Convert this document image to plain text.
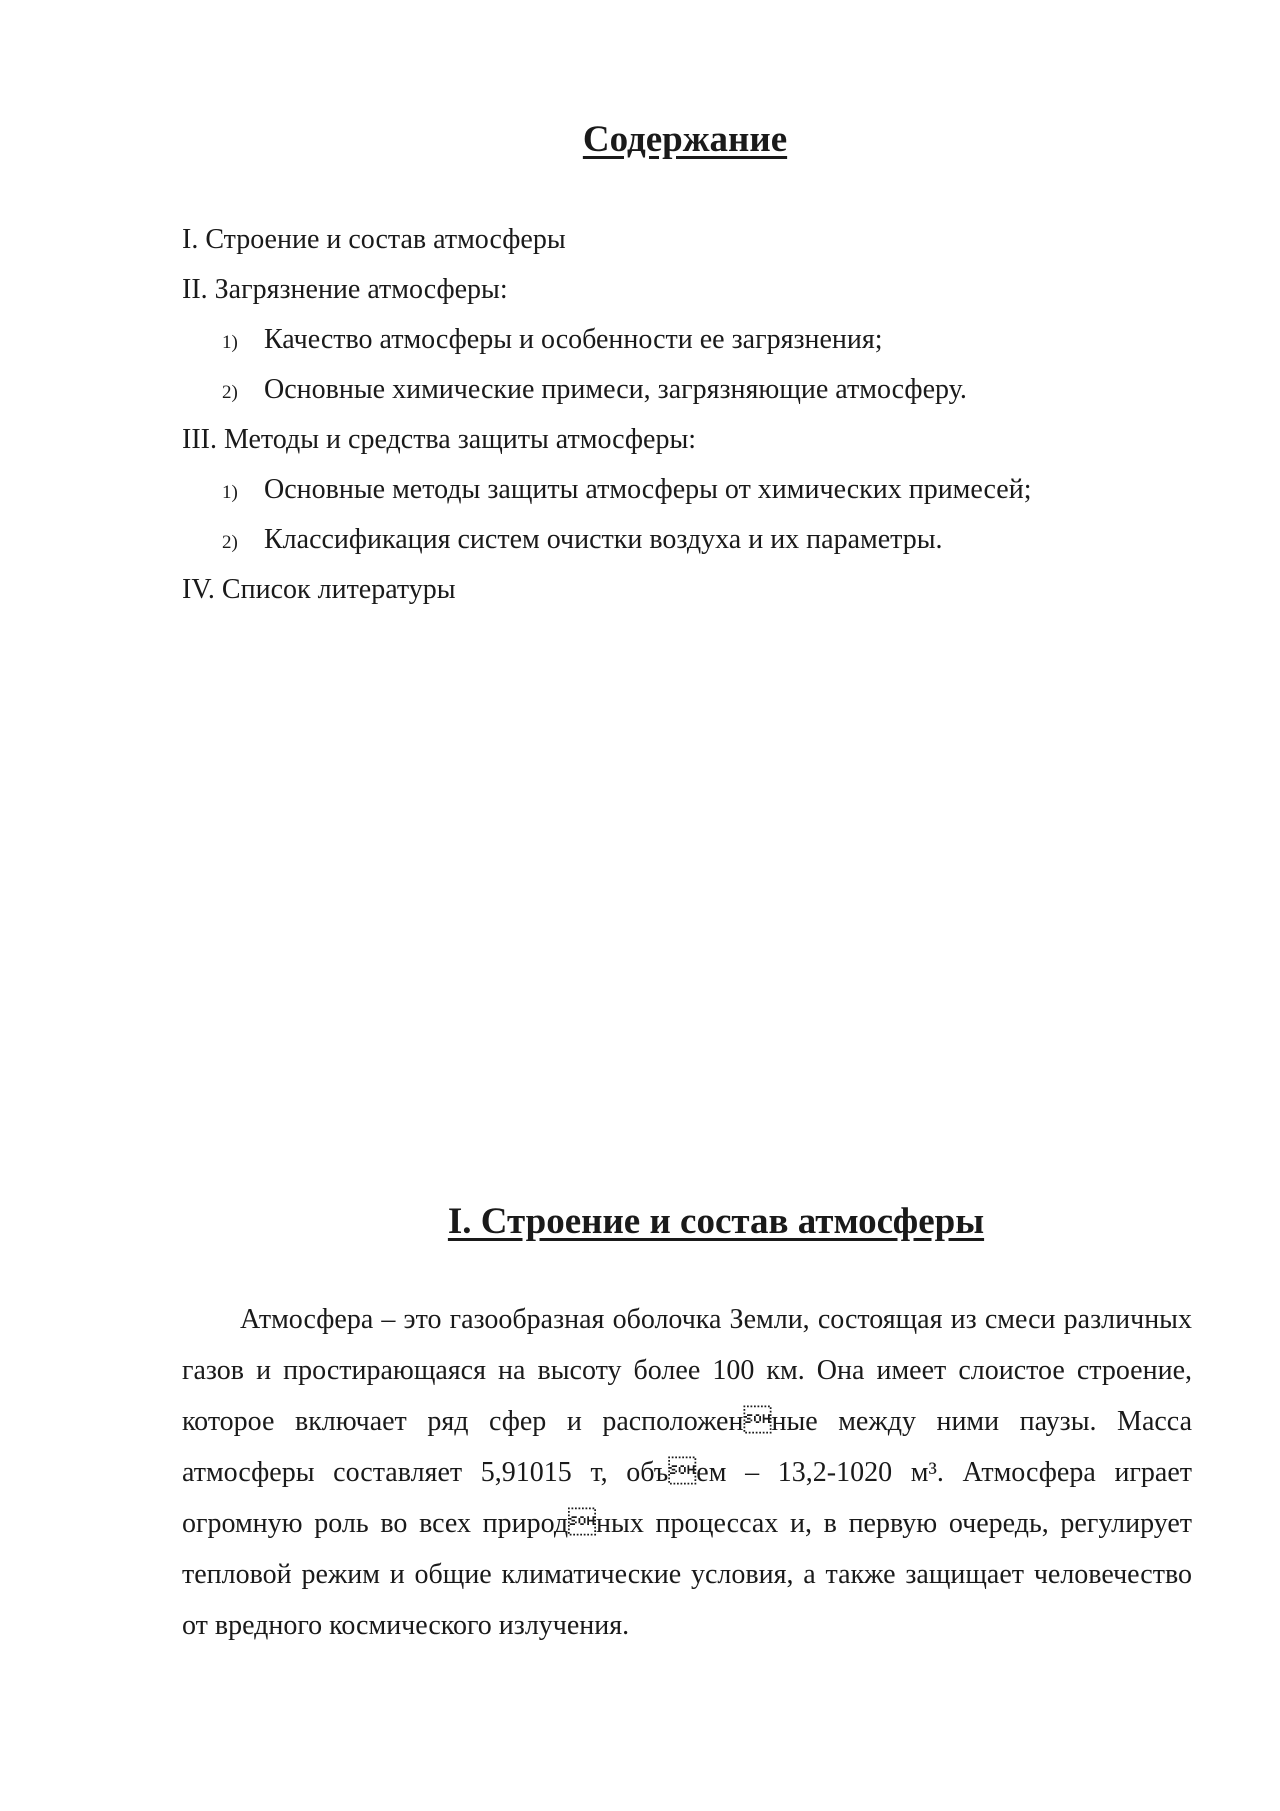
Содержание
I. Строение и состав атмосферы
II. Загрязнение атмосферы:
1) Качество атмосферы и особенности ее загрязнения;
2) Основные химические примеси, загрязняющие атмосферу.
III. Методы и средства защиты атмосферы:
1) Основные методы защиты атмосферы от химических примесей;
2) Классификация систем очистки воздуха и их параметры.
IV. Список литературы
I. Строение и состав атмосферы

Атмосфера – это газообразная оболочка Земли, состоящая из смеси различных газов и простирающаяся на высоту более 100 км. Она имеет слоистое строение, которое включает ряд сфер и расположенные между ними паузы. Масса атмосферы составляет 5,91015 т, объем – 13,2-1020 м³. Атмосфера играет огромную роль во всех природных процессах и, в первую очередь, регулирует тепловой режим и общие климатические условия, а также защищает человечество от вредного космического излучения.
